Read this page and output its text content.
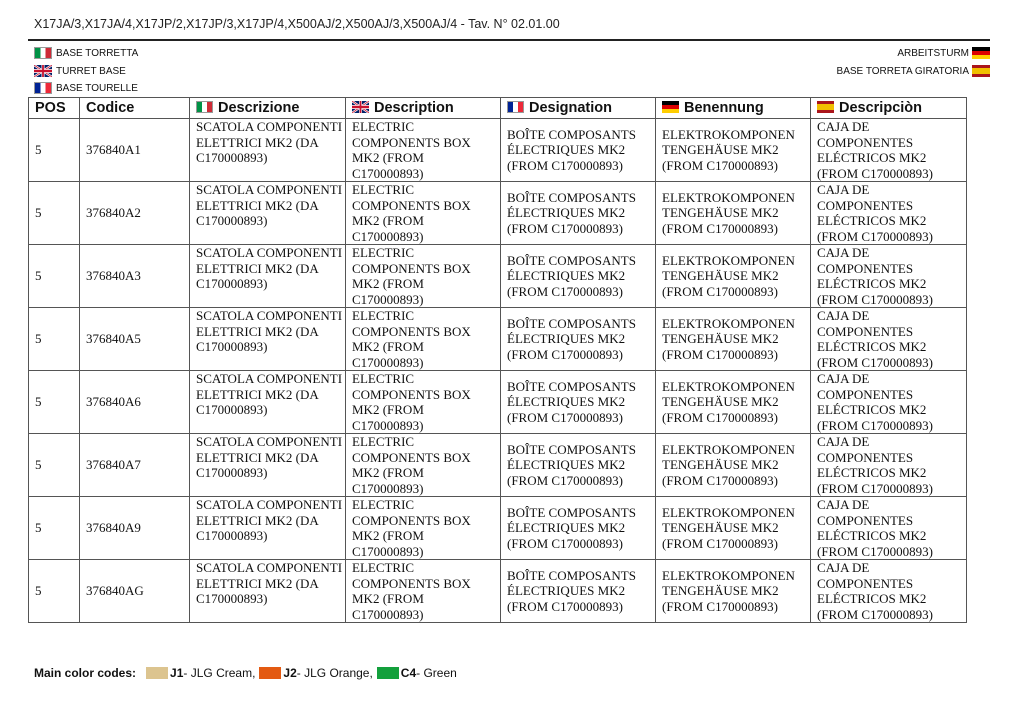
X17JA/3,X17JA/4,X17JP/2,X17JP/3,X17JP/4,X500AJ/2,X500AJ/3,X500AJ/4 - Tav. N° 02.01.00
BASE TORRETTA
TURRET BASE
BASE TOURELLE
ARBEITSTURM
BASE TORRETA GIRATORIA
POS	Codice	Descrizione	Description	Designation	Benennung	Descripciòn
5	376840A1	SCATOLA COMPONENTI ELETTRICI MK2 (DA C170000893)	ELECTRIC COMPONENTS BOX MK2 (FROM C170000893)	BOÎTE COMPOSANTS ÉLECTRIQUES MK2 (FROM C170000893)	ELEKTROKOMPONEN TENGEHÄUSE MK2 (FROM C170000893)	CAJA DE COMPONENTES ELÉCTRICOS MK2 (FROM C170000893)
5	376840A2	SCATOLA COMPONENTI ELETTRICI MK2 (DA C170000893)	ELECTRIC COMPONENTS BOX MK2 (FROM C170000893)	BOÎTE COMPOSANTS ÉLECTRIQUES MK2 (FROM C170000893)	ELEKTROKOMPONEN TENGEHÄUSE MK2 (FROM C170000893)	CAJA DE COMPONENTES ELÉCTRICOS MK2 (FROM C170000893)
5	376840A3	SCATOLA COMPONENTI ELETTRICI MK2 (DA C170000893)	ELECTRIC COMPONENTS BOX MK2 (FROM C170000893)	BOÎTE COMPOSANTS ÉLECTRIQUES MK2 (FROM C170000893)	ELEKTROKOMPONEN TENGEHÄUSE MK2 (FROM C170000893)	CAJA DE COMPONENTES ELÉCTRICOS MK2 (FROM C170000893)
5	376840A5	SCATOLA COMPONENTI ELETTRICI MK2 (DA C170000893)	ELECTRIC COMPONENTS BOX MK2 (FROM C170000893)	BOÎTE COMPOSANTS ÉLECTRIQUES MK2 (FROM C170000893)	ELEKTROKOMPONEN TENGEHÄUSE MK2 (FROM C170000893)	CAJA DE COMPONENTES ELÉCTRICOS MK2 (FROM C170000893)
5	376840A6	SCATOLA COMPONENTI ELETTRICI MK2 (DA C170000893)	ELECTRIC COMPONENTS BOX MK2 (FROM C170000893)	BOÎTE COMPOSANTS ÉLECTRIQUES MK2 (FROM C170000893)	ELEKTROKOMPONEN TENGEHÄUSE MK2 (FROM C170000893)	CAJA DE COMPONENTES ELÉCTRICOS MK2 (FROM C170000893)
5	376840A7	SCATOLA COMPONENTI ELETTRICI MK2 (DA C170000893)	ELECTRIC COMPONENTS BOX MK2 (FROM C170000893)	BOÎTE COMPOSANTS ÉLECTRIQUES MK2 (FROM C170000893)	ELEKTROKOMPONEN TENGEHÄUSE MK2 (FROM C170000893)	CAJA DE COMPONENTES ELÉCTRICOS MK2 (FROM C170000893)
5	376840A9	SCATOLA COMPONENTI ELETTRICI MK2 (DA C170000893)	ELECTRIC COMPONENTS BOX MK2 (FROM C170000893)	BOÎTE COMPOSANTS ÉLECTRIQUES MK2 (FROM C170000893)	ELEKTROKOMPONEN TENGEHÄUSE MK2 (FROM C170000893)	CAJA DE COMPONENTES ELÉCTRICOS MK2 (FROM C170000893)
5	376840AG	SCATOLA COMPONENTI ELETTRICI MK2 (DA C170000893)	ELECTRIC COMPONENTS BOX MK2 (FROM C170000893)	BOÎTE COMPOSANTS ÉLECTRIQUES MK2 (FROM C170000893)	ELEKTROKOMPONEN TENGEHÄUSE MK2 (FROM C170000893)	CAJA DE COMPONENTES ELÉCTRICOS MK2 (FROM C170000893)
Main color codes:	J1 - JLG Cream, J2 - JLG Orange, C4 - Green
